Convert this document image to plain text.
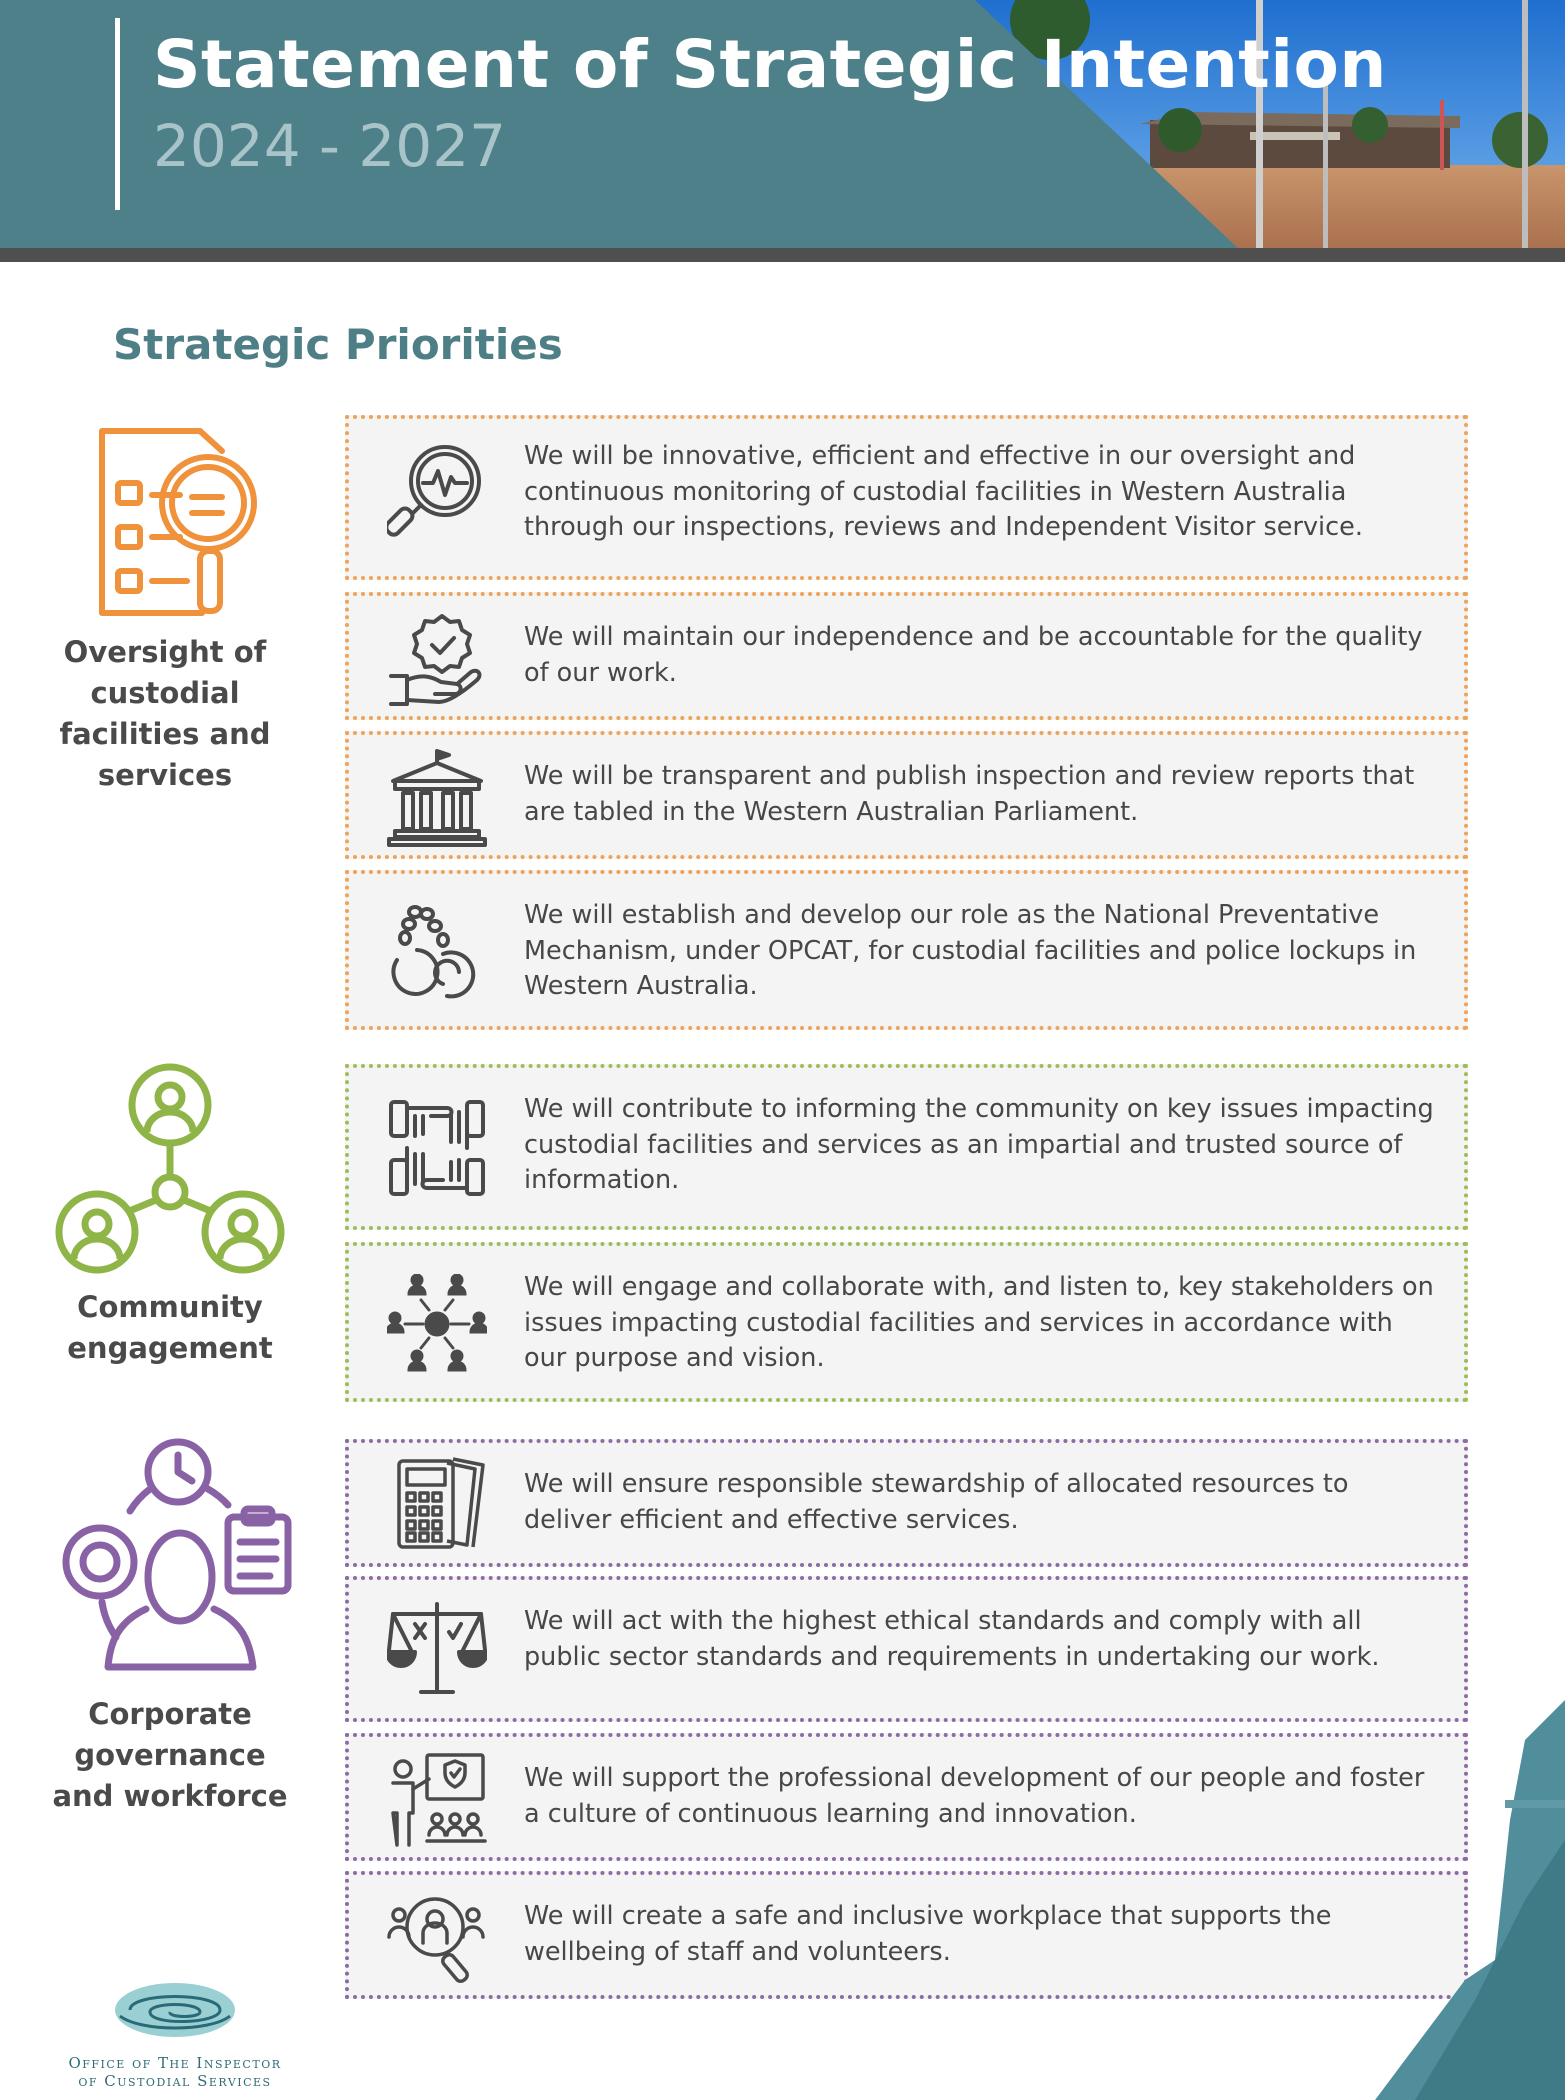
Statement of Strategic Intention
2024 - 2027
Strategic Priorities
Oversight of custodial facilities and services
Community engagement
Corporate governance and workforce
We will be innovative, efficient and effective in our oversight and continuous monitoring of custodial facilities in Western Australia through our inspections, reviews and Independent Visitor service.
We will maintain our independence and be accountable for the quality of our work.
We will be transparent and publish inspection and review reports that are tabled in the Western Australian Parliament.
We will establish and develop our role as the National Preventative Mechanism, under OPCAT, for custodial facilities and police lockups in Western Australia.
We will contribute to informing the community on key issues impacting custodial facilities and services as an impartial and trusted source of information.
We will engage and collaborate with, and listen to, key stakeholders on issues impacting custodial facilities and services in accordance with our purpose and vision.
We will ensure responsible stewardship of allocated resources to deliver efficient and effective services.
We will act with the highest ethical standards and comply with all public sector standards and requirements in undertaking our work.
We will support the professional development of our people and foster a culture of continuous learning and innovation.
We will create a safe and inclusive workplace that supports the wellbeing of staff and volunteers.
Office of The Inspector
of Custodial Services
